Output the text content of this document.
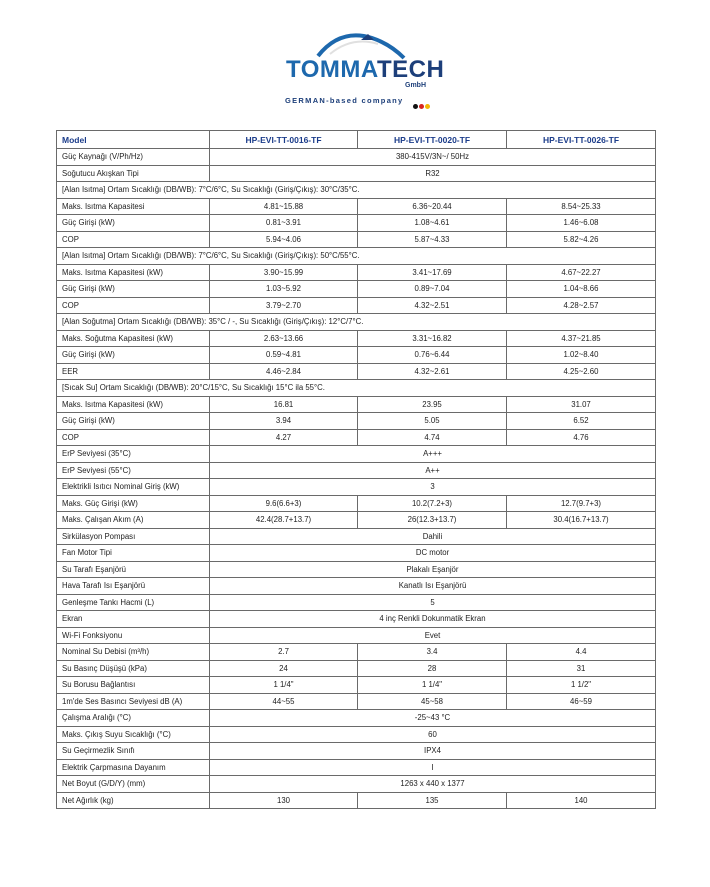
TOMMATECH
GmbH
GERMAN-based company
Model	HP-EVI-TT-0016-TF	HP-EVI-TT-0020-TF	HP-EVI-TT-0026-TF
Güç Kaynağı (V/Ph/Hz)	380-415V/3N~/ 50Hz		
Soğutucu Akışkan Tipi	R32		
[Alan Isıtma] Ortam Sıcaklığı (DB/WB): 7°C/6°C, Su Sıcaklığı (Giriş/Çıkış): 30°C/35°C.			
Maks. Isıtma Kapasitesi	4.81~15.88	6.36~20.44	8.54~25.33
Güç Girişi (kW)	0.81~3.91	1.08~4.61	1.46~6.08
COP	5.94~4.06	5.87~4.33	5.82~4.26
[Alan Isıtma] Ortam Sıcaklığı (DB/WB): 7°C/6°C, Su Sıcaklığı (Giriş/Çıkış): 50°C/55°C.			
Maks. Isıtma Kapasitesi (kW)	3.90~15.99	3.41~17.69	4.67~22.27
Güç Girişi (kW)	1.03~5.92	0.89~7.04	1.04~8.66
COP	3.79~2.70	4.32~2.51	4.28~2.57
[Alan Soğutma] Ortam Sıcaklığı (DB/WB): 35°C / -, Su Sıcaklığı (Giriş/Çıkış): 12°C/7°C.			
Maks. Soğutma Kapasitesi (kW)	2.63~13.66	3.31~16.82	4.37~21.85
Güç Girişi (kW)	0.59~4.81	0.76~6.44	1.02~8.40
EER	4.46~2.84	4.32~2.61	4.25~2.60
[Sıcak Su] Ortam Sıcaklığı (DB/WB): 20°C/15°C, Su Sıcaklığı 15°C ila 55°C.			
Maks. Isıtma Kapasitesi (kW)	16.81	23.95	31.07
Güç Girişi (kW)	3.94	5.05	6.52
COP	4.27	4.74	4.76
ErP Seviyesi (35°C)	A+++		
ErP Seviyesi (55°C)	A++		
Elektrikli Isıtıcı Nominal Giriş (kW)	3		
Maks. Güç Girişi (kW)	9.6(6.6+3)	10.2(7.2+3)	12.7(9.7+3)
Maks. Çalışan Akım (A)	42.4(28.7+13.7)	26(12.3+13.7)	30.4(16.7+13.7)
Sirkülasyon Pompası	Dahili		
Fan Motor Tipi	DC motor		
Su Tarafı Eşanjörü	Plakalı Eşanjör		
Hava Tarafı Isı Eşanjörü	Kanatlı Isı Eşanjörü		
Genleşme Tankı Hacmi (L)	5		
Ekran	4 inç Renkli Dokunmatik Ekran		
Wi-Fi Fonksiyonu	Evet		
Nominal Su Debisi (m³/h)	2.7	3.4	4.4
Su Basınç Düşüşü (kPa)	24	28	31
Su Borusu Bağlantısı	1 1/4"	1 1/4"	1 1/2"
1m'de Ses Basıncı Seviyesi dB (A)	44~55	45~58	46~59
Çalışma Aralığı (°C)	-25~43 °C		
Maks. Çıkış Suyu Sıcaklığı (°C)	60		
Su Geçirmezlik Sınıfı	IPX4		
Elektrik Çarpmasına Dayanım	I		
Net Boyut (G/D/Y) (mm)	1263 x 440 x 1377		
Net Ağırlık (kg)	130	135	140
